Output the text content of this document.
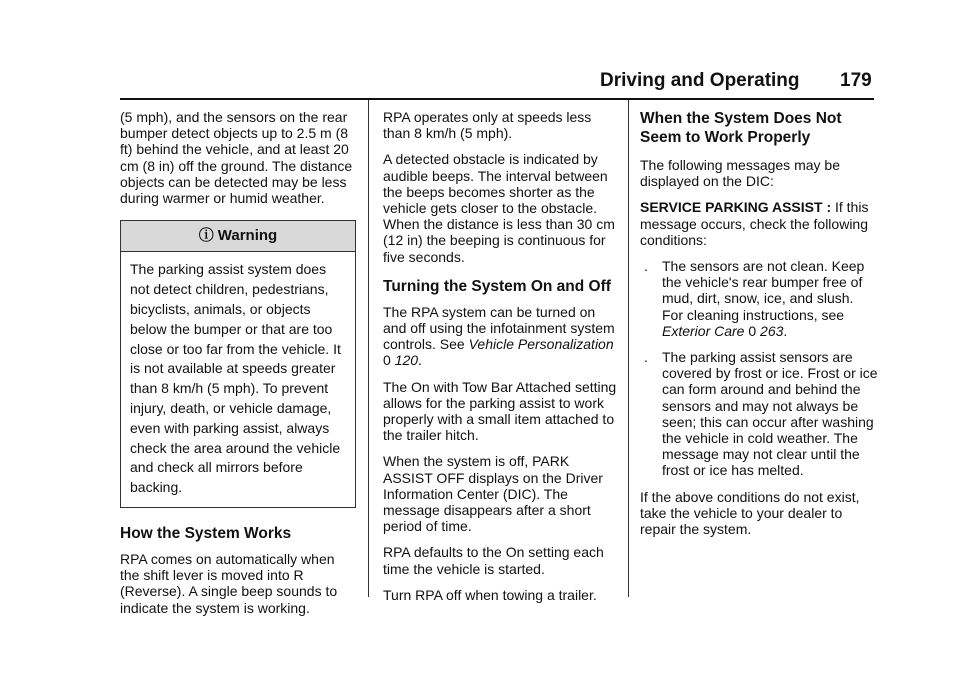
Driving and Operating 179

(5 mph), and the sensors on the rear bumper detect objects up to 2.5 m (8 ft) behind the vehicle, and at least 20 cm (8 in) off the ground. The distance objects can be detected may be less during warmer or humid weather.

ⓘ Warning
The parking assist system does not detect children, pedestrians, bicyclists, animals, or objects below the bumper or that are too close or too far from the vehicle. It is not available at speeds greater than 8 km/h (5 mph). To prevent injury, death, or vehicle damage, even with parking assist, always check the area around the vehicle and check all mirrors before backing.
How the System Works

RPA comes on automatically when the shift lever is moved into R (Reverse). A single beep sounds to indicate the system is working.

RPA operates only at speeds less than 8 km/h (5 mph).

A detected obstacle is indicated by audible beeps. The interval between the beeps becomes shorter as the vehicle gets closer to the obstacle. When the distance is less than 30 cm (12 in) the beeping is continuous for five seconds.

Turning the System On and Off

The RPA system can be turned on and off using the infotainment system controls. See Vehicle Personalization 0 120.

The On with Tow Bar Attached setting allows for the parking assist to work properly with a small item attached to the trailer hitch.

When the system is off, PARK ASSIST OFF displays on the Driver Information Center (DIC). The message disappears after a short period of time.

RPA defaults to the On setting each time the vehicle is started.

Turn RPA off when towing a trailer.

When the System Does Not Seem to Work Properly

The following messages may be displayed on the DIC:

SERVICE PARKING ASSIST : If this message occurs, check the following conditions:

.	The sensors are not clean. Keep the vehicle's rear bumper free of mud, dirt, snow, ice, and slush. For cleaning instructions, see Exterior Care 0 263.
.	The parking assist sensors are covered by frost or ice. Frost or ice can form around and behind the sensors and may not always be seen; this can occur after washing the vehicle in cold weather. The message may not clear until the frost or ice has melted.

If the above conditions do not exist, take the vehicle to your dealer to repair the system.
